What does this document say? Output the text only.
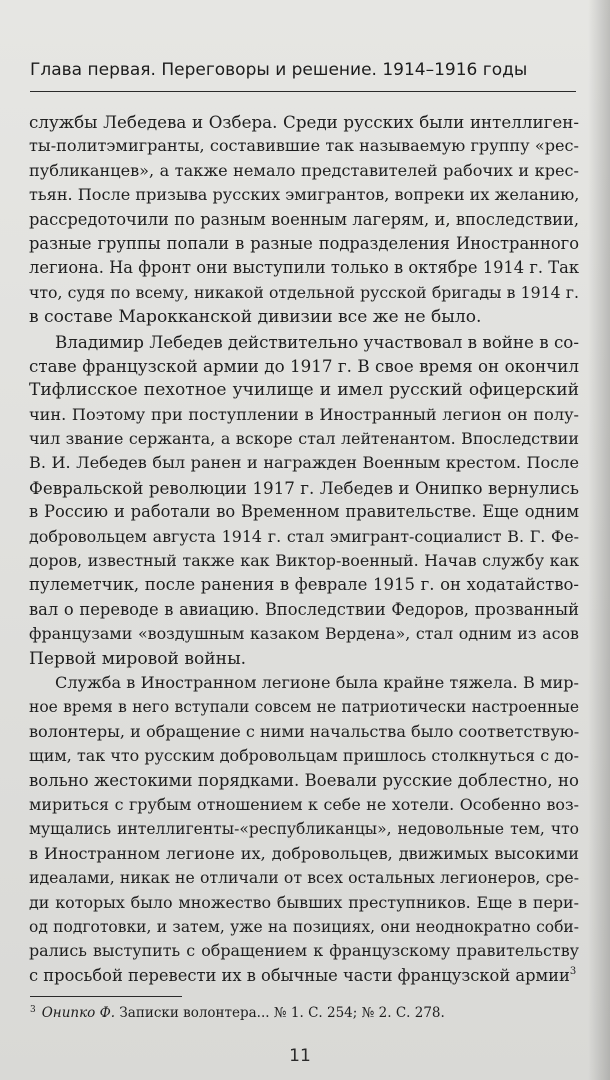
Глава первая. Переговоры и решение. 1914–1916 годы
службы Лебедева и Озбера. Среди русских были интеллиген-
ты-политэмигранты, составившие так называемую группу «рес-
публиканцев», а также немало представителей рабочих и крес-
тьян. После призыва русских эмигрантов, вопреки их желанию,
рассредоточили по разным военным лагерям, и, впоследствии,
разные группы попали в разные подразделения Иностранного
легиона. На фронт они выступили только в октябре 1914 г. Так
что, судя по всему, никакой отдельной русской бригады в 1914 г.
в составе Марокканской дивизии все же не было.
Владимир Лебедев действительно участвовал в войне в со-
ставе французской армии до 1917 г. В свое время он окончил
Тифлисское пехотное училище и имел русский офицерский
чин. Поэтому при поступлении в Иностранный легион он полу-
чил звание сержанта, а вскоре стал лейтенантом. Впоследствии
В. И. Лебедев был ранен и награжден Военным крестом. После
Февральской революции 1917 г. Лебедев и Онипко вернулись
в Россию и работали во Временном правительстве. Еще одним
добровольцем августа 1914 г. стал эмигрант-социалист В. Г. Фе-
доров, известный также как Виктор-военный. Начав службу как
пулеметчик, после ранения в феврале 1915 г. он ходатайство-
вал о переводе в авиацию. Впоследствии Федоров, прозванный
французами «воздушным казаком Вердена», стал одним из асов
Первой мировой войны.
Служба в Иностранном легионе была крайне тяжела. В мир-
ное время в него вступали совсем не патриотически настроенные
волонтеры, и обращение с ними начальства было соответствую-
щим, так что русским добровольцам пришлось столкнуться с до-
вольно жестокими порядками. Воевали русские доблестно, но
мириться с грубым отношением к себе не хотели. Особенно воз-
мущались интеллигенты-«республиканцы», недовольные тем, что
в Иностранном легионе их, добровольцев, движимых высокими
идеалами, никак не отличали от всех остальных легионеров, сре-
ди которых было множество бывших преступников. Еще в пери-
од подготовки, и затем, уже на позициях, они неоднократно соби-
рались выступить с обращением к французскому правительству
с просьбой перевести их в обычные части французской армии$^3$
$^3$ Онипко Ф. Записки волонтера... № 1. С. 254; № 2. С. 278.
11
